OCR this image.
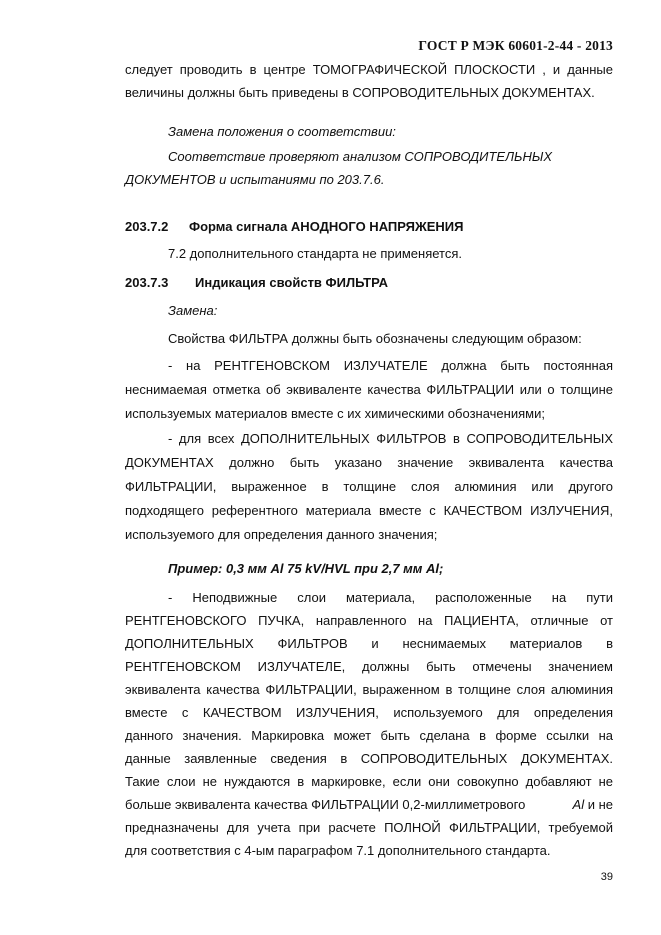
ГОСТ Р МЭК 60601-2-44 - 2013
следует проводить в центре ТОМОГРАФИЧЕСКОЙ ПЛОСКОСТИ , и данные
величины должны быть приведены в СОПРОВОДИТЕЛЬНЫХ ДОКУМЕНТАХ.
Замена положения о соответствии:
Соответствие проверяют анализом СОПРОВОДИТЕЛЬНЫХ
ДОКУМЕНТОВ и испытаниями по 203.7.6.
203.7.2 Форма сигнала АНОДНОГО НАПРЯЖЕНИЯ
7.2 дополнительного стандарта не применяется.
203.7.3 Индикация свойств ФИЛЬТРА
Замена:
Свойства ФИЛЬТРА должны быть обозначены следующим образом:
- на РЕНТГЕНОВСКОМ ИЗЛУЧАТЕЛЕ должна быть постоянная
неснимаемая отметка об эквиваленте качества ФИЛЬТРАЦИИ или о толщине
используемых материалов вместе с их химическими обозначениями;
- для всех ДОПОЛНИТЕЛЬНЫХ ФИЛЬТРОВ в СОПРОВОДИТЕЛЬНЫХ
ДОКУМЕНТАХ должно быть указано значение эквивалента качества
ФИЛЬТРАЦИИ, выраженное в толщине слоя алюминия или другого
подходящего референтного материала вместе с КАЧЕСТВОМ ИЗЛУЧЕНИЯ,
используемого для определения данного значения;
Пример: 0,3 мм Al 75 kV/HVL при 2,7 мм Al;
- Неподвижные слои материала, расположенные на пути
РЕНТГЕНОВСКОГО ПУЧКА, направленного на ПАЦИЕНТА, отличные от
ДОПОЛНИТЕЛЬНЫХ ФИЛЬТРОВ и неснимаемых материалов в
РЕНТГЕНОВСКОМ ИЗЛУЧАТЕЛЕ, должны быть отмечены значением
эквивалента качества ФИЛЬТРАЦИИ, выраженном в толщине слоя алюминия
вместе с КАЧЕСТВОМ ИЗЛУЧЕНИЯ, используемого для определения
данного значения. Маркировка может быть сделана в форме ссылки на
данные заявленные сведения в СОПРОВОДИТЕЛЬНЫХ ДОКУМЕНТАХ.
Такие слои не нуждаются в маркировке, если они совокупно добавляют не
больше эквивалента качества ФИЛЬТРАЦИИ 0,2-миллиметрового	Al и не
предназначены для учета при расчете ПОЛНОЙ ФИЛЬТРАЦИИ, требуемой
для соответствия с 4-ым параграфом 7.1 дополнительного стандарта.
39
